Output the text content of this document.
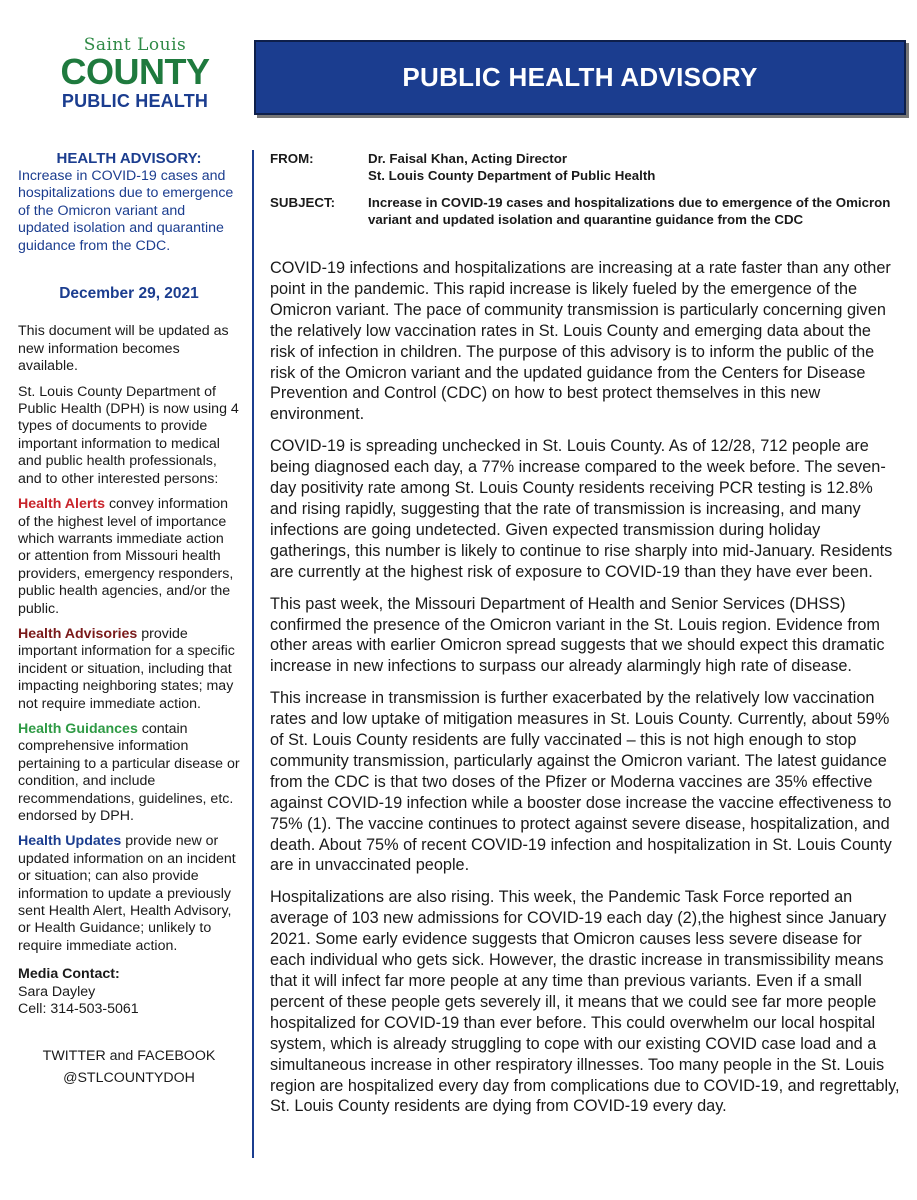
Saint Louis
COUNTY
PUBLIC HEALTH
PUBLIC HEALTH ADVISORY
HEALTH ADVISORY:
Increase in COVID-19 cases and hospitalizations due to emergence of the Omicron variant and updated isolation and quarantine guidance from the CDC.
December 29, 2021
This document will be updated as new information becomes available.
St. Louis County Department of Public Health (DPH) is now using 4 types of documents to provide important information to medical and public health professionals, and to other interested persons:
Health Alerts convey information of the highest level of importance which warrants immediate action or attention from Missouri health providers, emergency responders, public health agencies, and/or the public.
Health Advisories provide important information for a specific incident or situation, including that impacting neighboring states; may not require immediate action.
Health Guidances contain comprehensive information pertaining to a particular disease or condition, and include recommendations, guidelines, etc. endorsed by DPH.
Health Updates provide new or updated information on an incident or situation; can also provide information to update a previously sent Health Alert, Health Advisory, or Health Guidance; unlikely to require immediate action.
Media Contact:
Sara Dayley
Cell: 314-503-5061
TWITTER and FACEBOOK
@STLCOUNTYDOH
FROM:	Dr. Faisal Khan, Acting Director
St. Louis County Department of Public Health
SUBJECT:	Increase in COVID-19 cases and hospitalizations due to emergence of the Omicron variant and updated isolation and quarantine guidance from the CDC

COVID-19 infections and hospitalizations are increasing at a rate faster than any other point in the pandemic. This rapid increase is likely fueled by the emergence of the Omicron variant. The pace of community transmission is particularly concerning given the relatively low vaccination rates in St. Louis County and emerging data about the risk of infection in children. The purpose of this advisory is to inform the public of the risk of the Omicron variant and the updated guidance from the Centers for Disease Prevention and Control (CDC) on how to best protect themselves in this new environment.

COVID-19 is spreading unchecked in St. Louis County. As of 12/28, 712 people are being diagnosed each day, a 77% increase compared to the week before. The seven-day positivity rate among St. Louis County residents receiving PCR testing is 12.8% and rising rapidly, suggesting that the rate of transmission is increasing, and many infections are going undetected. Given expected transmission during holiday gatherings, this number is likely to continue to rise sharply into mid-January. Residents are currently at the highest risk of exposure to COVID-19 than they have ever been.

This past week, the Missouri Department of Health and Senior Services (DHSS) confirmed the presence of the Omicron variant in the St. Louis region. Evidence from other areas with earlier Omicron spread suggests that we should expect this dramatic increase in new infections to surpass our already alarmingly high rate of disease.

This increase in transmission is further exacerbated by the relatively low vaccination rates and low uptake of mitigation measures in St. Louis County. Currently, about 59% of St. Louis County residents are fully vaccinated – this is not high enough to stop community transmission, particularly against the Omicron variant. The latest guidance from the CDC is that two doses of the Pfizer or Moderna vaccines are 35% effective against COVID-19 infection while a booster dose increase the vaccine effectiveness to 75% (1). The vaccine continues to protect against severe disease, hospitalization, and death. About 75% of recent COVID-19 infection and hospitalization in St. Louis County are in unvaccinated people.

Hospitalizations are also rising. This week, the Pandemic Task Force reported an average of 103 new admissions for COVID-19 each day (2),the highest since January 2021. Some early evidence suggests that Omicron causes less severe disease for each individual who gets sick. However, the drastic increase in transmissibility means that it will infect far more people at any time than previous variants. Even if a small percent of these people gets severely ill, it means that we could see far more people hospitalized for COVID-19 than ever before. This could overwhelm our local hospital system, which is already struggling to cope with our existing COVID case load and a simultaneous increase in other respiratory illnesses. Too many people in the St. Louis region are hospitalized every day from complications due to COVID-19, and regrettably, St. Louis County residents are dying from COVID-19 every day.
